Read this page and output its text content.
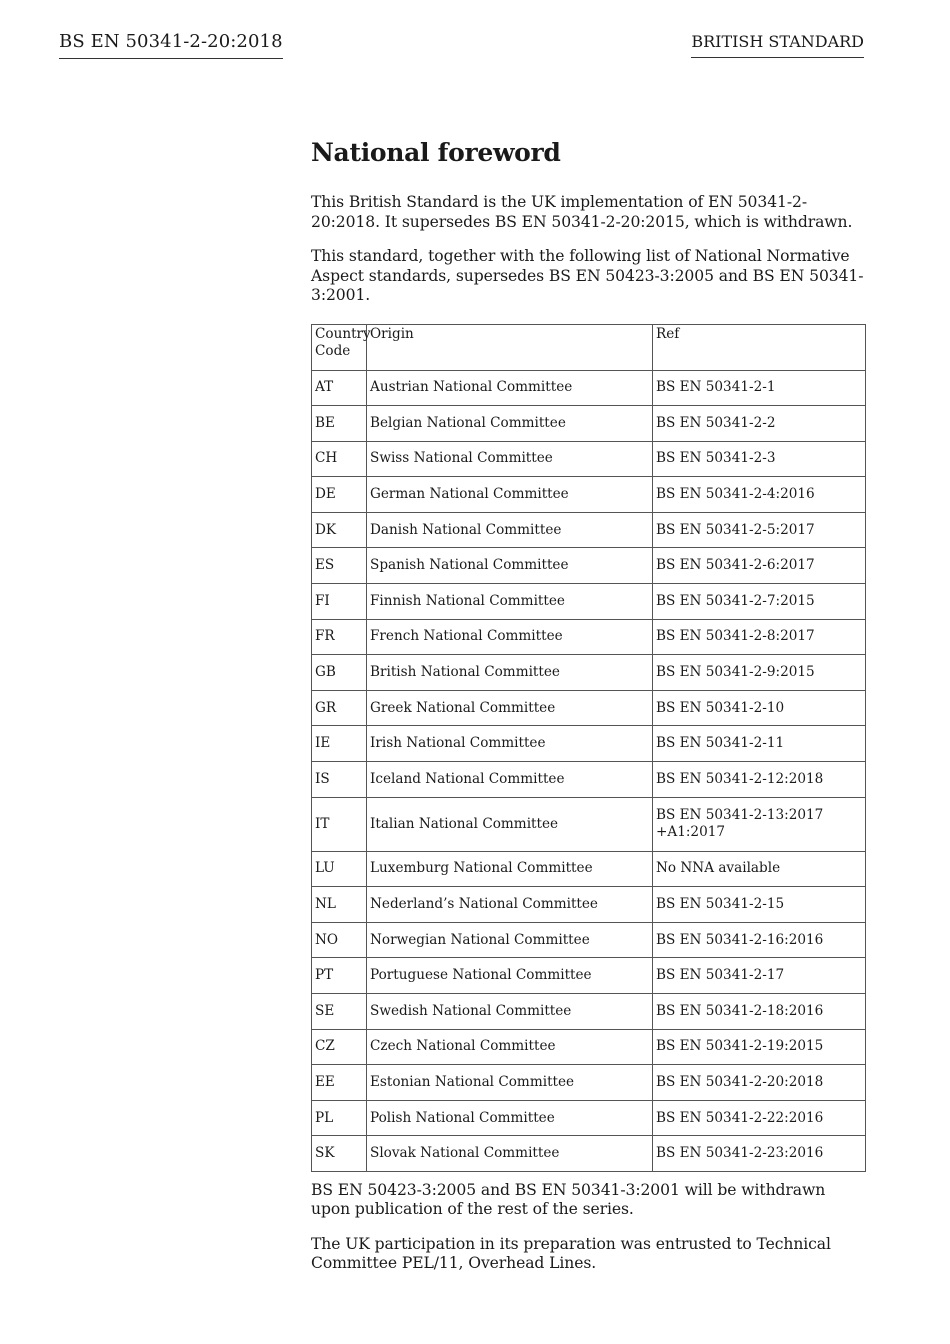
BS EN 50341-2-20:2018	BRITISH STANDARD
National foreword

This British Standard is the UK implementation of EN 50341-2-20:2018. It supersedes BS EN 50341-2-20:2015, which is withdrawn.

This standard, together with the following list of National Normative Aspect standards, supersedes BS EN 50423-3:2005 and BS EN 50341-3:2001.

Country Code	Origin	Ref
AT	Austrian National Committee	BS EN 50341-2-1
BE	Belgian National Committee	BS EN 50341-2-2
CH	Swiss National Committee	BS EN 50341-2-3
DE	German National Committee	BS EN 50341-2-4:2016
DK	Danish National Committee	BS EN 50341-2-5:2017
ES	Spanish National Committee	BS EN 50341-2-6:2017
FI	Finnish National Committee	BS EN 50341-2-7:2015
FR	French National Committee	BS EN 50341-2-8:2017
GB	British National Committee	BS EN 50341-2-9:2015
GR	Greek National Committee	BS EN 50341-2-10
IE	Irish National Committee	BS EN 50341-2-11
IS	Iceland National Committee	BS EN 50341-2-12:2018
IT	Italian National Committee	BS EN 50341-2-13:2017 +A1:2017
LU	Luxemburg National Committee	No NNA available
NL	Nederland’s National Committee	BS EN 50341-2-15
NO	Norwegian National Committee	BS EN 50341-2-16:2016
PT	Portuguese National Committee	BS EN 50341-2-17
SE	Swedish National Committee	BS EN 50341-2-18:2016
CZ	Czech National Committee	BS EN 50341-2-19:2015
EE	Estonian National Committee	BS EN 50341-2-20:2018
PL	Polish National Committee	BS EN 50341-2-22:2016
SK	Slovak National Committee	BS EN 50341-2-23:2016

BS EN 50423-3:2005 and BS EN 50341-3:2001 will be withdrawn upon publication of the rest of the series.

The UK participation in its preparation was entrusted to Technical Committee PEL/11, Overhead Lines.
